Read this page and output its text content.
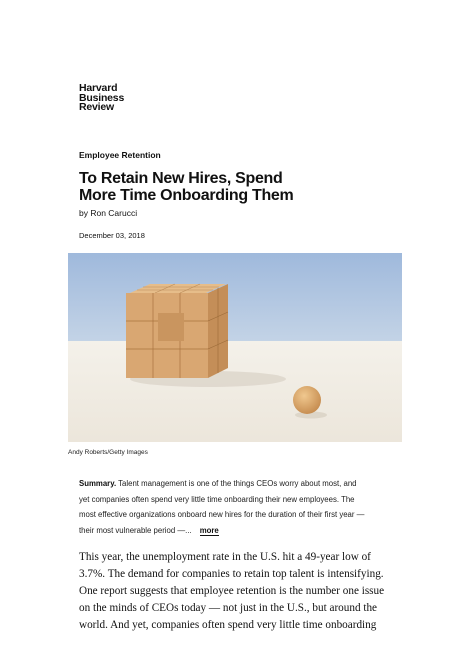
Harvard
Business
Review
Employee Retention
To Retain New Hires, Spend
More Time Onboarding Them
by Ron Carucci
December 03, 2018
Andy Roberts/Getty Images
Summary. Talent management is one of the things CEOs worry about most, and
yet companies often spend very little time onboarding their new employees. The
most effective organizations onboard new hires for the duration of their first year —
their most vulnerable period —... more
This year, the unemployment rate in the U.S. hit a 49-year low of
3.7%. The demand for companies to retain top talent is intensifying.
One report suggests that employee retention is the number one issue
on the minds of CEOs today — not just in the U.S., but around the
world. And yet, companies often spend very little time onboarding
